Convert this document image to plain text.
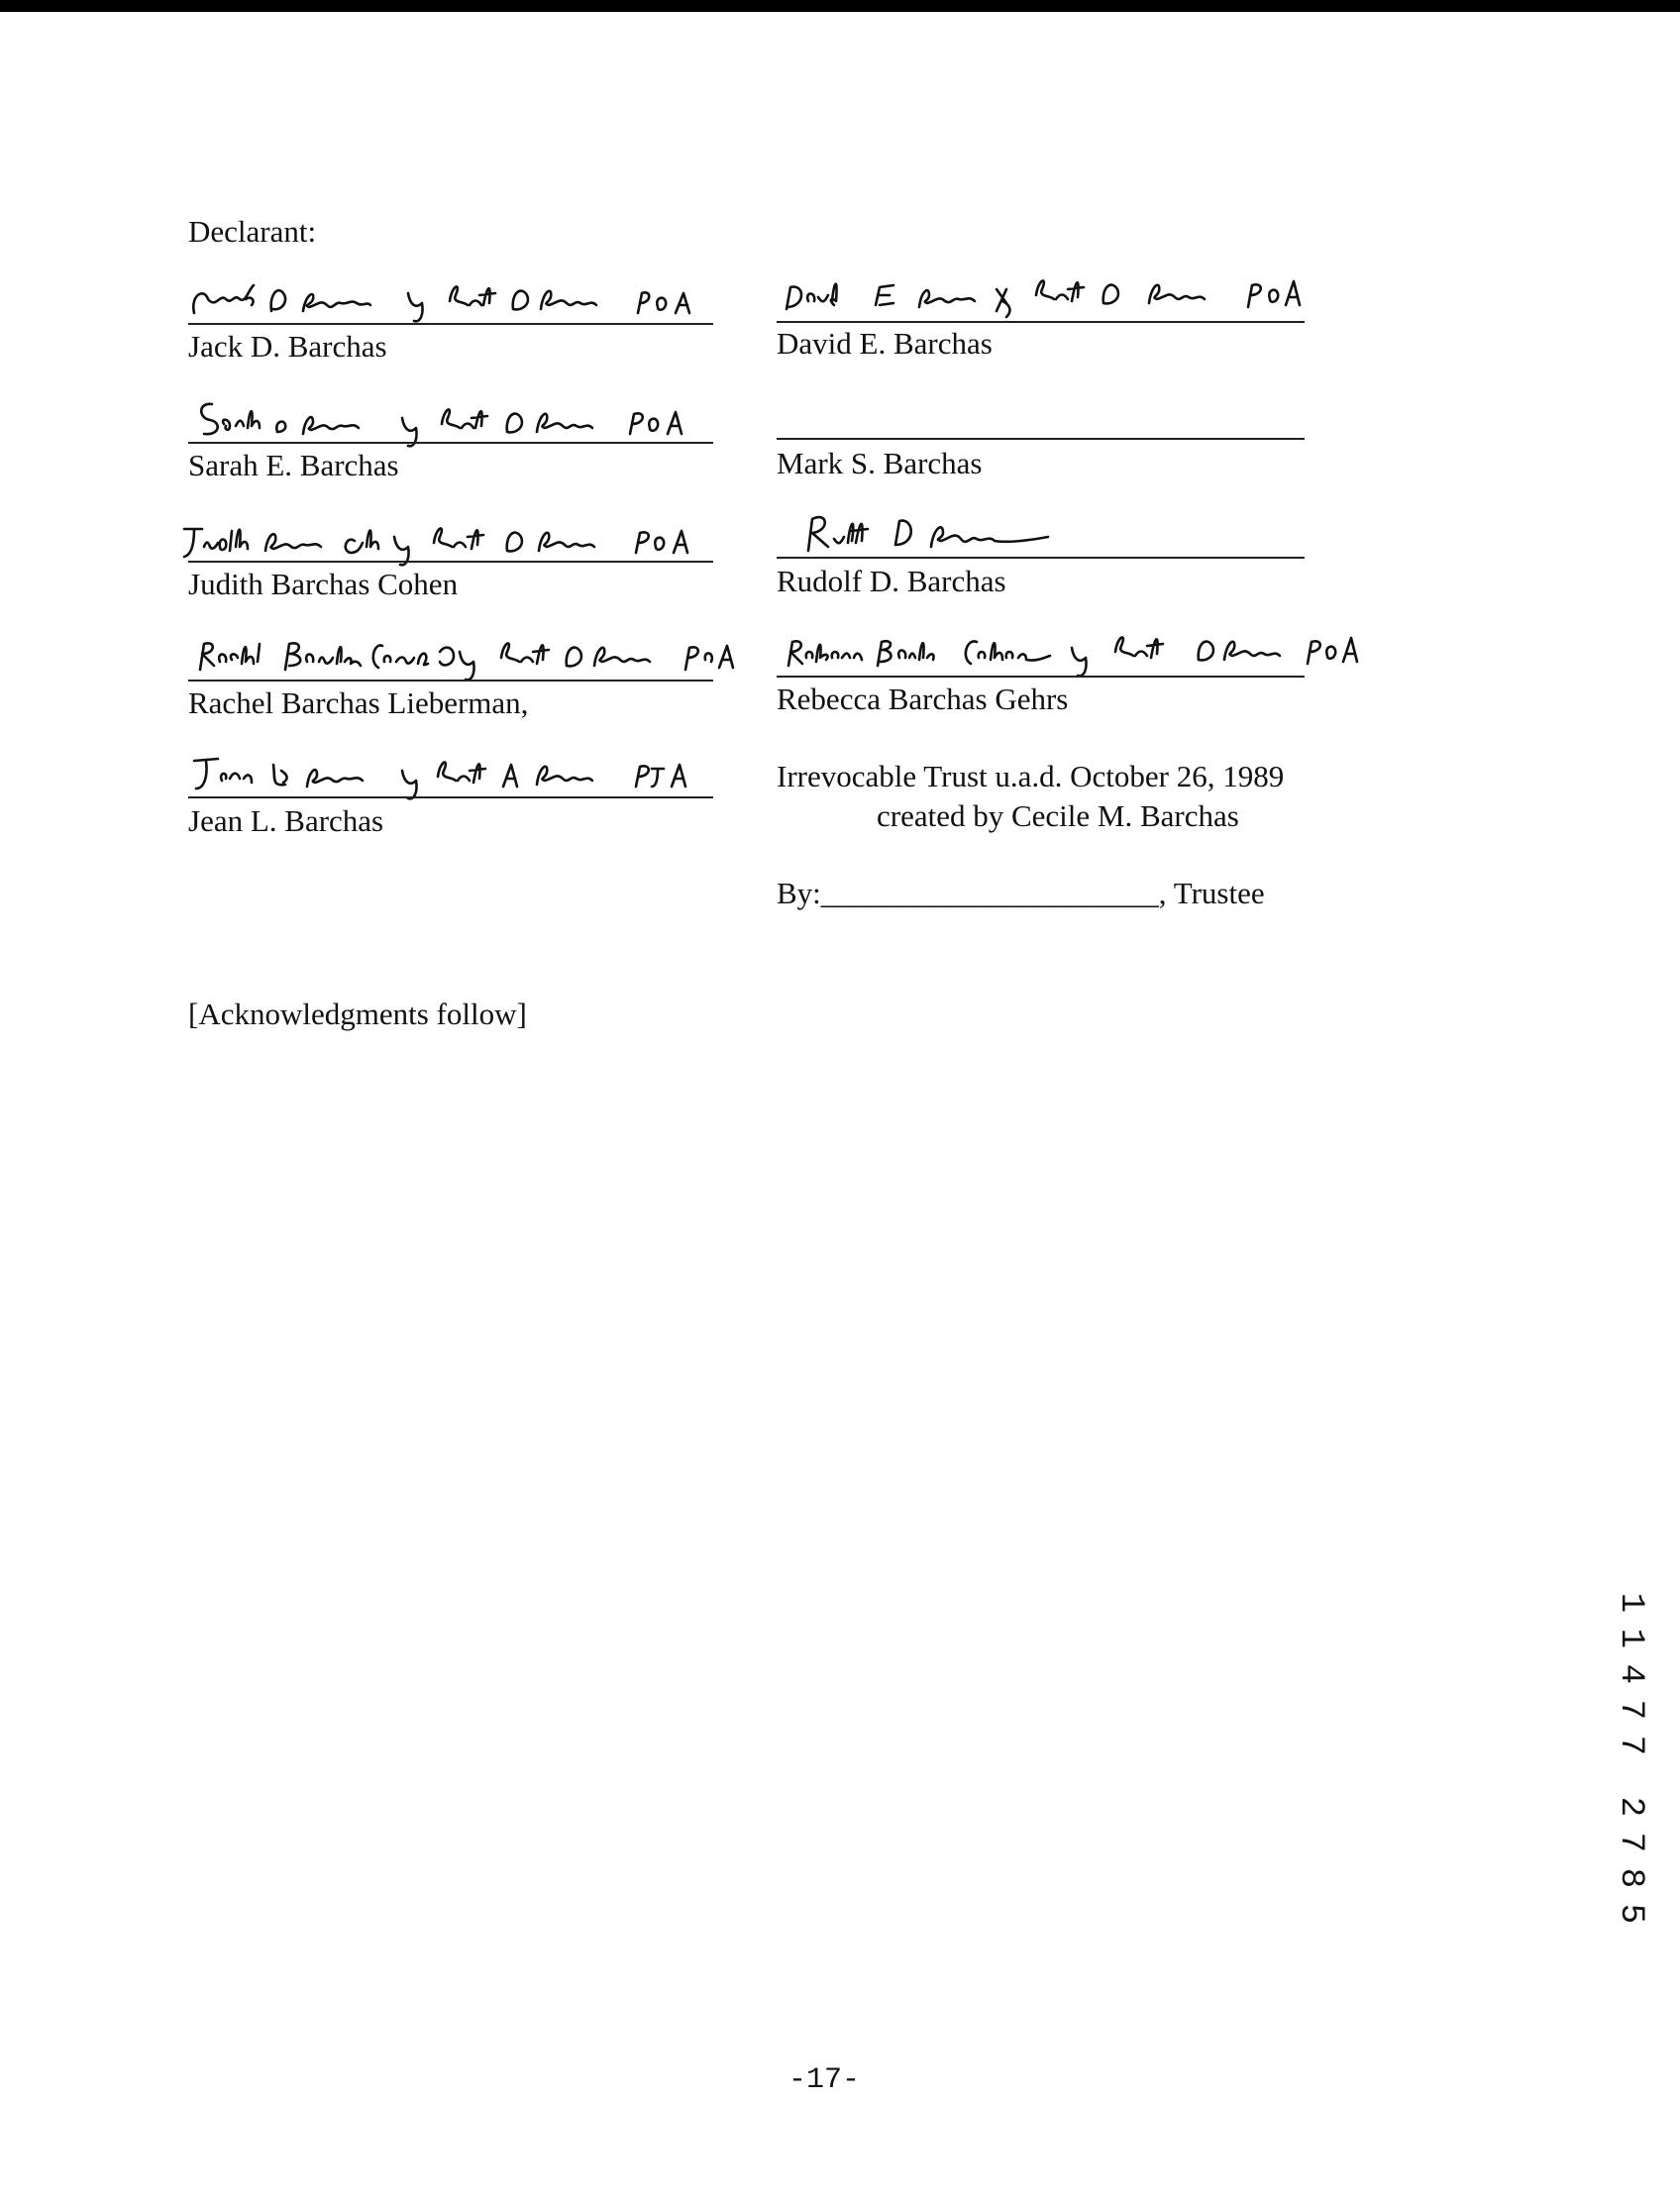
Declarant:
Jack D. Barchas
Sarah E. Barchas
Judith Barchas Cohen
Rachel Barchas Lieberman,
Jean L. Barchas
David E. Barchas
Mark S. Barchas
Rudolf D. Barchas
Rebecca Barchas Gehrs
Irrevocable Trust u.a.d. October 26, 1989
created by Cecile M. Barchas
By:______________________, Trustee
[Acknowledgments follow]
1
1
4
7
7
2
7
8
5
-17-
